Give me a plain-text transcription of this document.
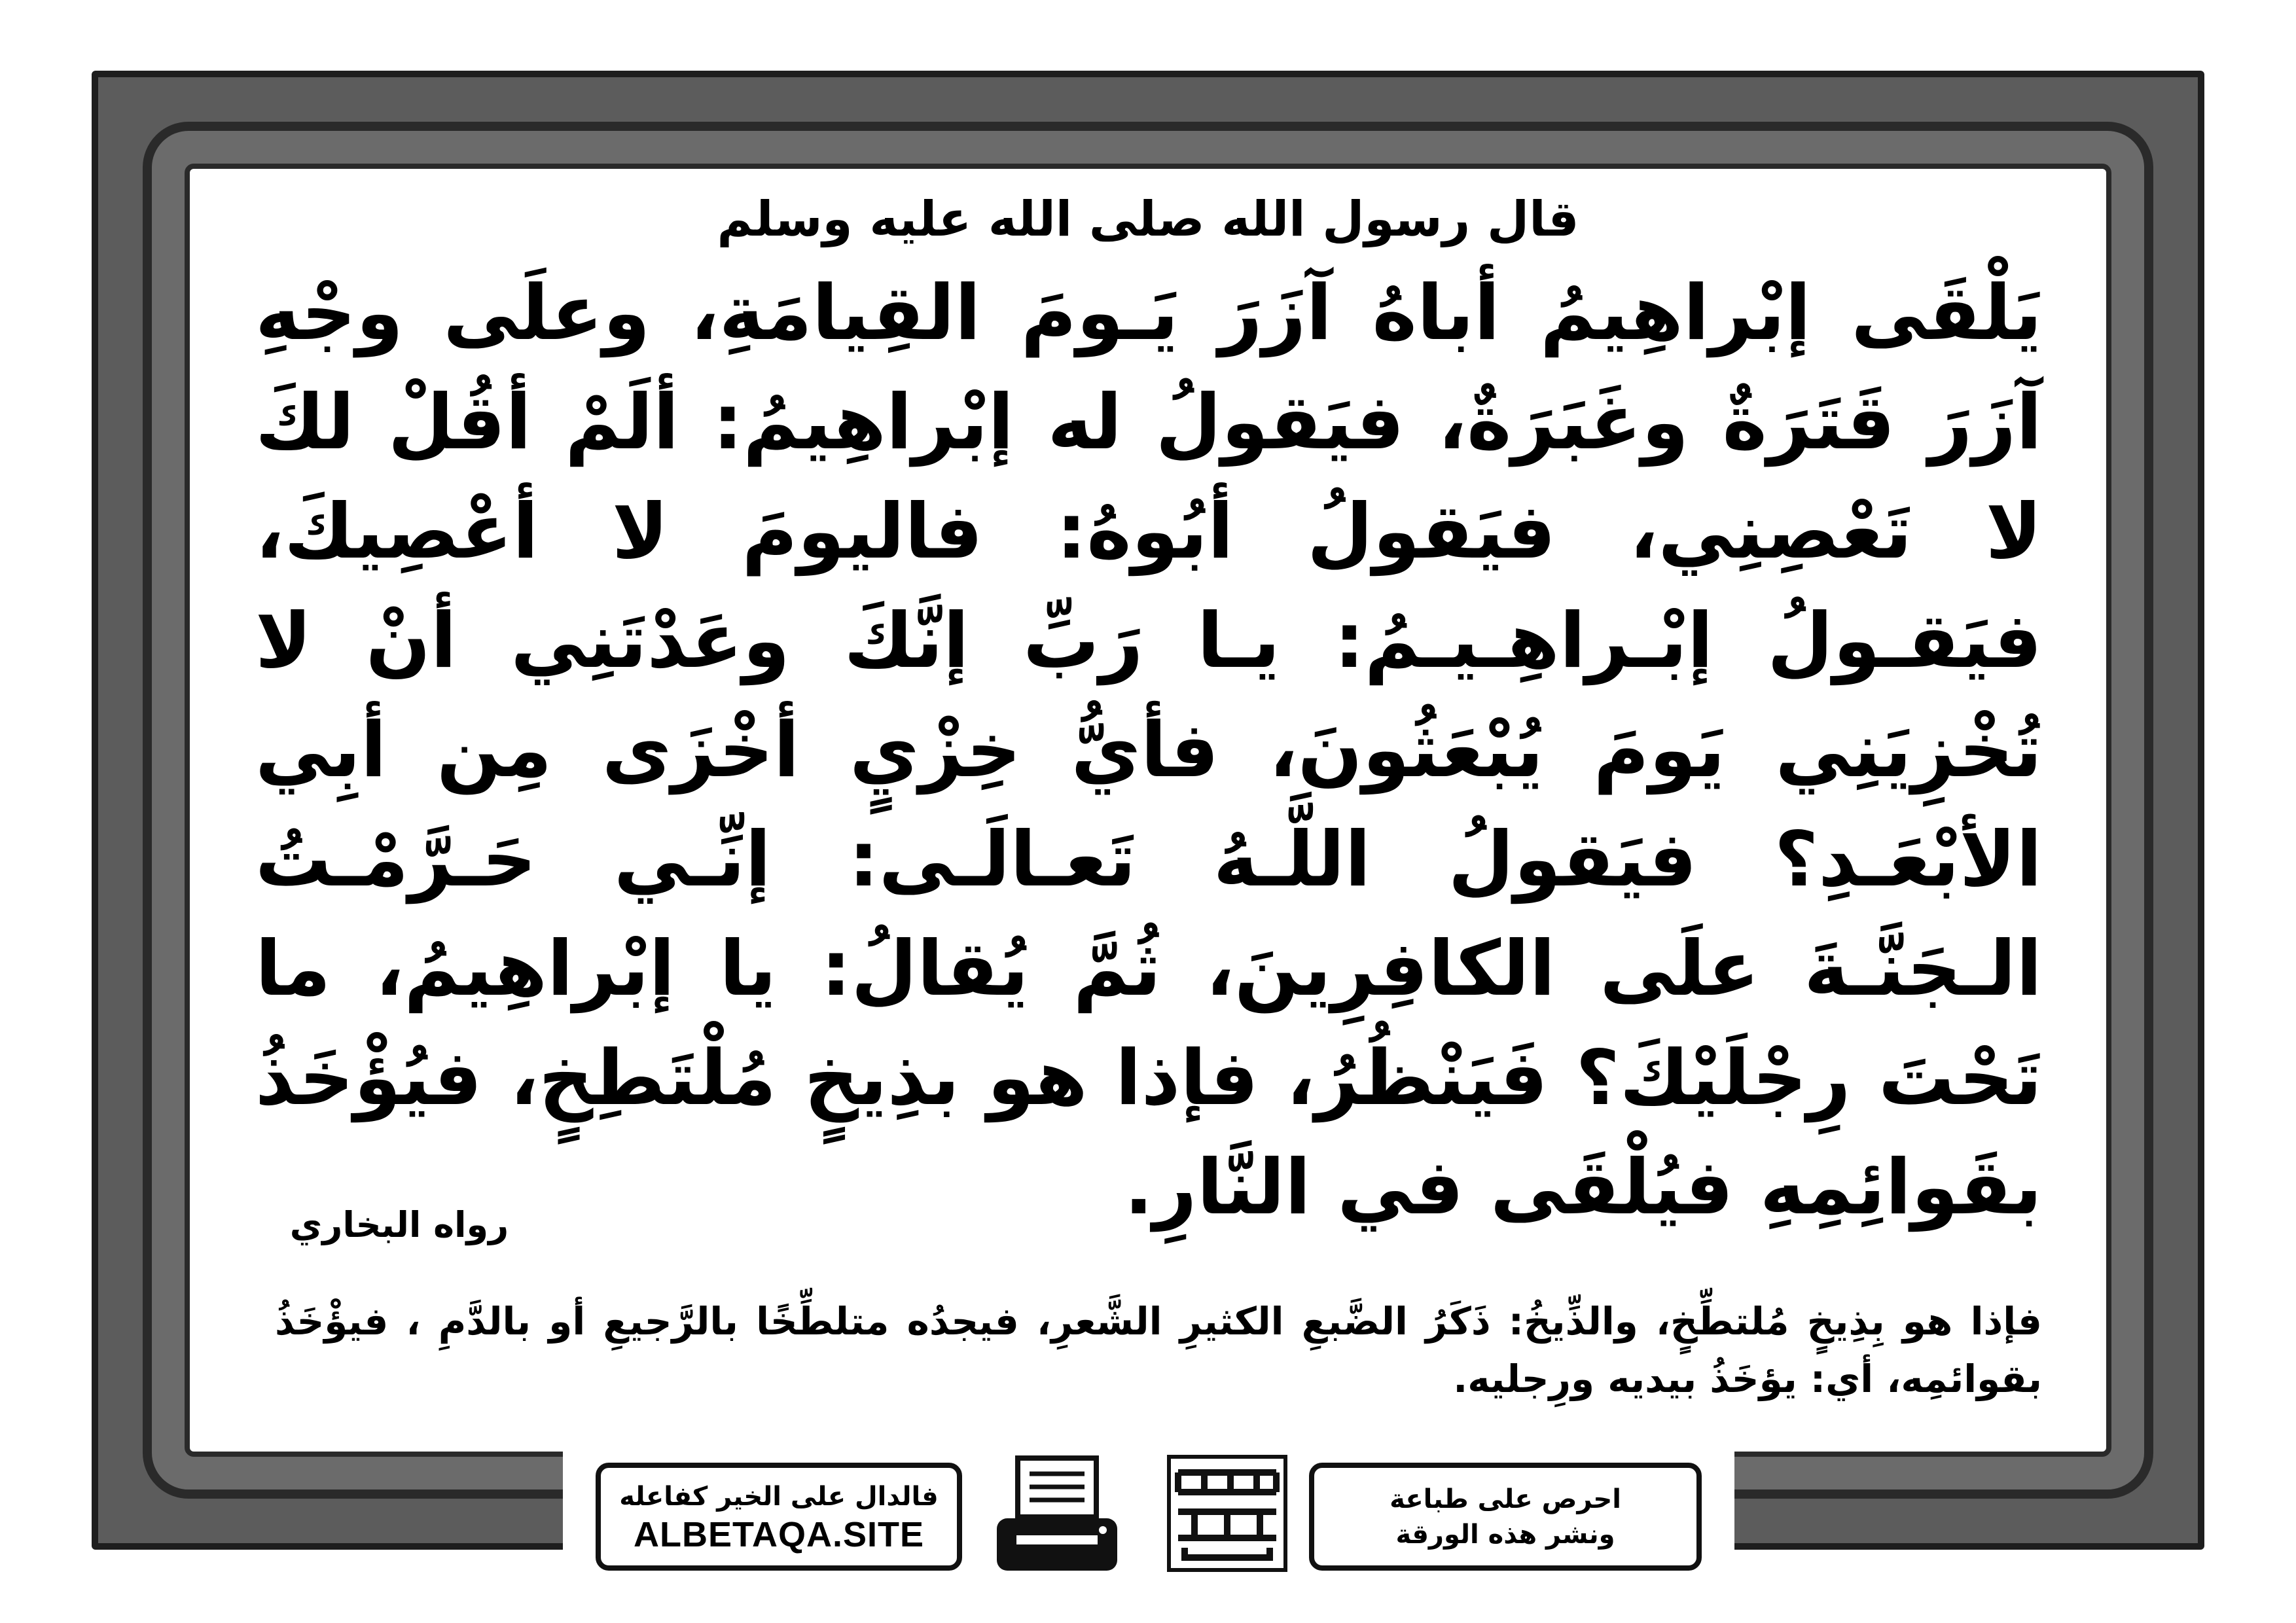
قال رسول الله صلى الله عليه وسلم
يَلْقَى إبْراهِيمُ أباهُ آزَرَ يَـومَ القِيامَةِ، وعلَى وجْهِ آزَرَ قَتَرَةٌ وغَبَرَةٌ، فيَقولُ له إبْراهِيمُ: ألَمْ أقُلْ لكَ لا تَعْصِنِي، فيَقولُ أبُوهُ: فاليومَ لا أعْصِيكَ، فيَقـولُ إبْـراهِـيـمُ: يـا رَبِّ إنَّكَ وعَدْتَنِي أنْ لا تُخْزِيَنِي يَومَ يُبْعَثُونَ، فأيُّ خِزْيٍ أخْزَى مِن أبِي الأبْعَـدِ؟ فيَقولُ اللَّـهُ تَعـالَـى: إنِّـي حَـرَّمْـتُ الـجَنَّـةَ علَى الكافِرِينَ، ثُمَّ يُقالُ: يا إبْراهِيمُ، ما تَحْتَ رِجْلَيْكَ؟ فَيَنْظُرُ، فإذا هو بذِيخٍ مُلْتَطِخٍ، فيُؤْخَذُ بقَوائِمِهِ فيُلْقَى في النَّارِ.
رواه البخاري
فإذا هو بِذِيخٍ مُلتطِّخٍ، والذِّيخُ: ذَكَرُ الضَّبعِ الكثيرِ الشَّعرِ، فيجدُه متلطِّخًا بالرَّجيعِ أو بالدَّمِ ، فيؤْخَذُ بقوائمِه، أي: يؤخَذُ بيديه ورِجليه.
احرص على طباعة
ونشر هذه الورقة
فالدال على الخير كفاعله
ALBETAQA.SITE
